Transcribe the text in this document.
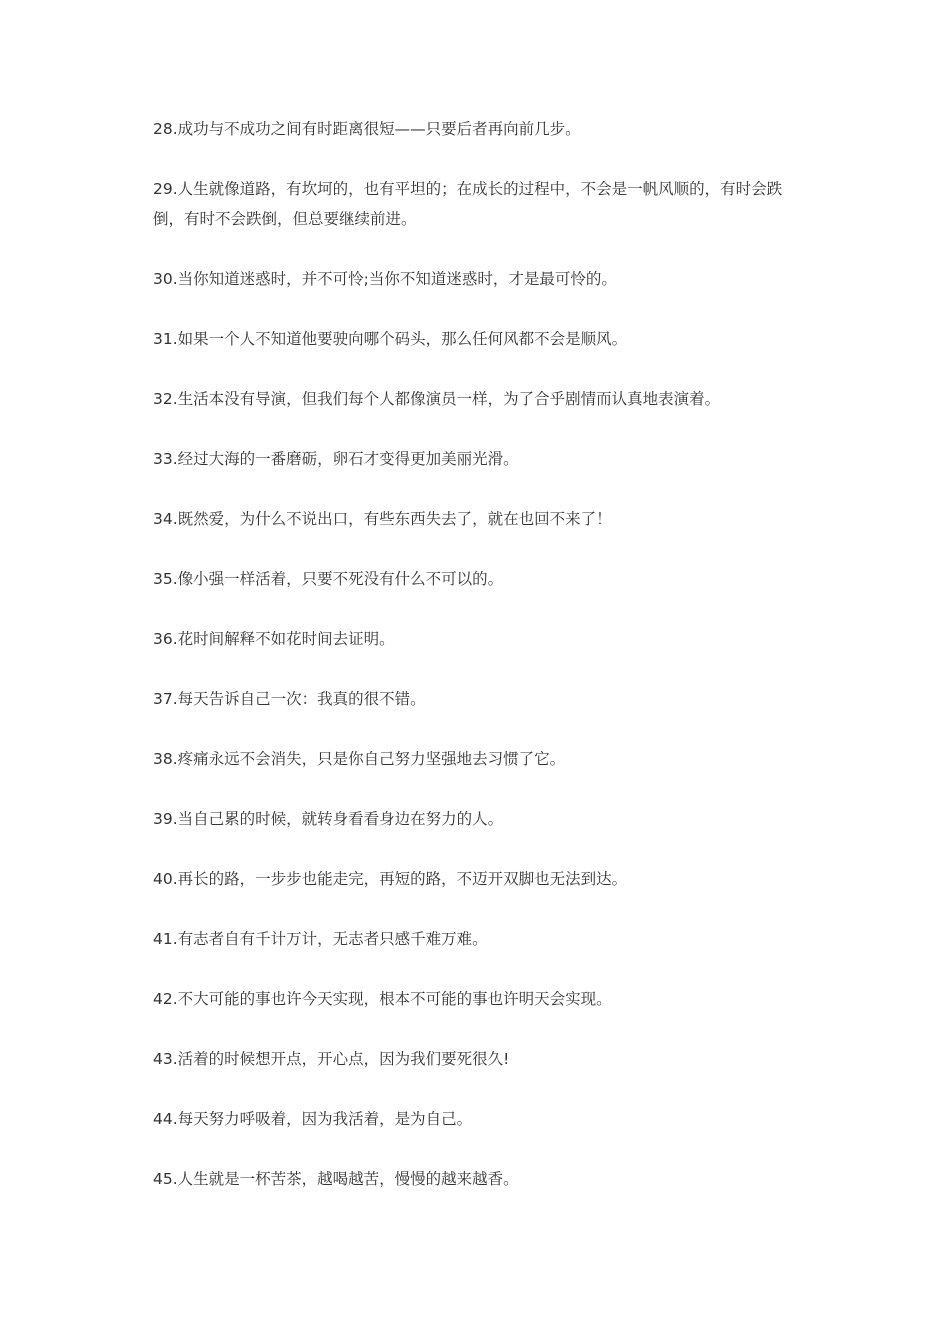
28.成功与不成功之间有时距离很短——只要后者再向前几步。

29.人生就像道路，有坎坷的，也有平坦的；在成长的过程中，不会是一帆风顺的，有时会跌倒，有时不会跌倒，但总要继续前进。

30.当你知道迷惑时，并不可怜;当你不知道迷惑时，才是最可怜的。

31.如果一个人不知道他要驶向哪个码头，那么任何风都不会是顺风。

32.生活本没有导演，但我们每个人都像演员一样，为了合乎剧情而认真地表演着。

33.经过大海的一番磨砺，卵石才变得更加美丽光滑。

34.既然爱，为什么不说出口，有些东西失去了，就在也回不来了！

35.像小强一样活着，只要不死没有什么不可以的。

36.花时间解释不如花时间去证明。

37.每天告诉自己一次：我真的很不错。

38.疼痛永远不会消失，只是你自己努力坚强地去习惯了它。

39.当自己累的时候，就转身看看身边在努力的人。

40.再长的路，一步步也能走完，再短的路，不迈开双脚也无法到达。

41.有志者自有千计万计，无志者只感千难万难。

42.不大可能的事也许今天实现，根本不可能的事也许明天会实现。

43.活着的时候想开点，开心点，因为我们要死很久!

44.每天努力呼吸着，因为我活着，是为自己。

45.人生就是一杯苦茶，越喝越苦，慢慢的越来越香。
